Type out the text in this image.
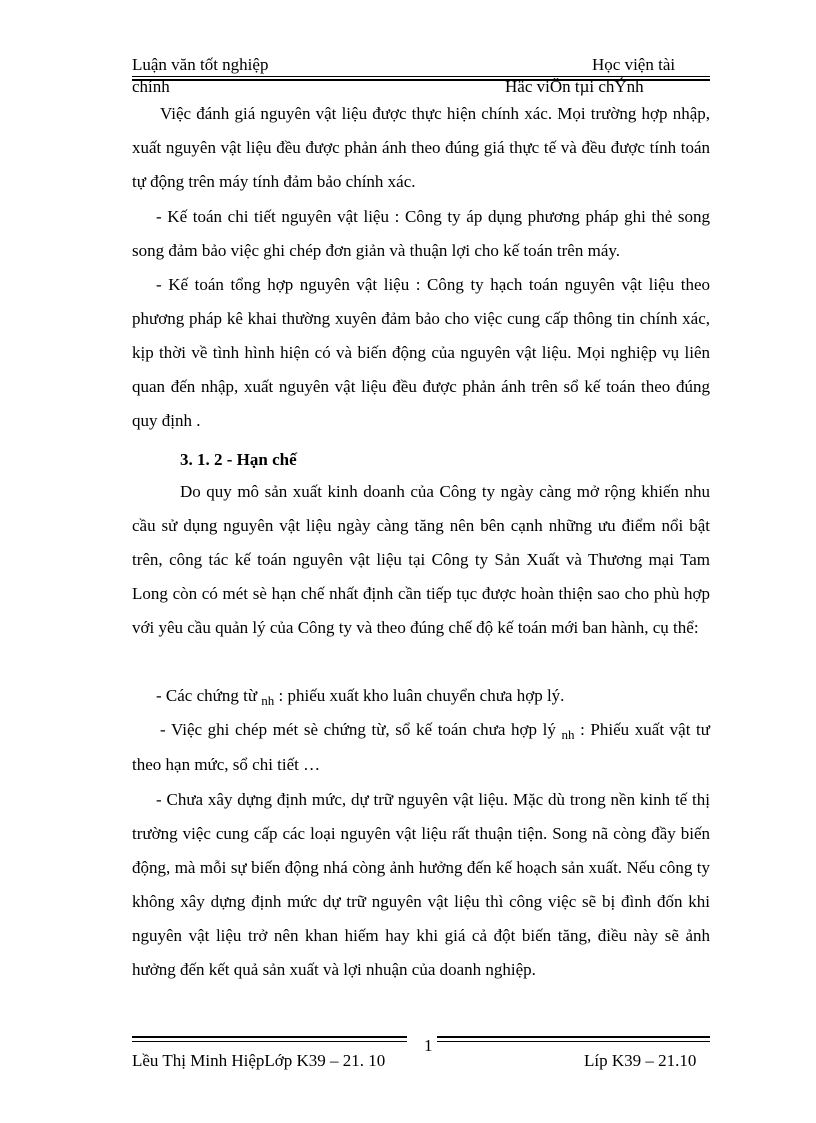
Luận văn tốt nghiệp	Học viện tài
chính	Häc viÖn tµi chÝnh

Việc đánh giá nguyên vật liệu được thực hiện chính xác. Mọi trường hợp nhập, xuất nguyên vật liệu đều được phản ánh theo đúng giá thực tế và đều được tính toán tự động trên máy tính đảm bảo chính xác.

- Kế toán chi tiết nguyên vật liệu : Công ty áp dụng phương pháp ghi thẻ song song đảm bảo việc ghi chép đơn giản và thuận lợi cho kế toán trên máy.

- Kế toán tổng hợp nguyên vật liệu : Công ty hạch toán nguyên vật liệu theo phương pháp kê khai thường xuyên đảm bảo cho việc cung cấp thông tin chính xác, kịp thời về tình hình hiện có và biến động của nguyên vật liệu. Mọi nghiệp vụ liên quan đến nhập, xuất nguyên vật liệu đều được phản ánh trên sổ kế toán theo đúng quy định .

3. 1. 2 - Hạn chế

Do quy mô sản xuất kinh doanh của Công ty ngày càng mở rộng khiến nhu cầu sử dụng nguyên vật liệu ngày càng tăng nên bên cạnh những ưu điểm nổi bật trên, công tác kế toán nguyên vật liệu tại Công ty Sản Xuất và Thương mại Tam Long còn có mét sè hạn chế nhất định cần tiếp tục được hoàn thiện sao cho phù hợp với yêu cầu quản lý của Công ty và theo đúng chế độ kế toán mới ban hành, cụ thể:

- Các chứng từ $_{nh}$ : phiếu xuất kho luân chuyển chưa hợp lý.

- Việc ghi chép mét sè chứng từ, sổ kế toán chưa hợp lý $_{nh}$ : Phiếu xuất vật tư theo hạn mức, sổ chi tiết …

- Chưa xây dựng định mức, dự trữ nguyên vật liệu. Mặc dù trong nền kinh tế thị trường việc cung cấp các loại nguyên vật liệu rất thuận tiện. Song nã còng đầy biến động, mà mỗi sự biến động nhá còng ảnh hưởng đến kế hoạch sản xuất. Nếu công ty không xây dựng định mức dự trữ nguyên vật liệu thì công việc sẽ bị đình đốn khi nguyên vật liệu trở nên khan hiếm hay khi giá cả đột biến tăng, điều này sẽ ảnh hưởng đến kết quả sản xuất và lợi nhuận của doanh nghiệp.

1
Lều Thị Minh HiệpLớp K39 – 21. 10	Líp K39 – 21.10
